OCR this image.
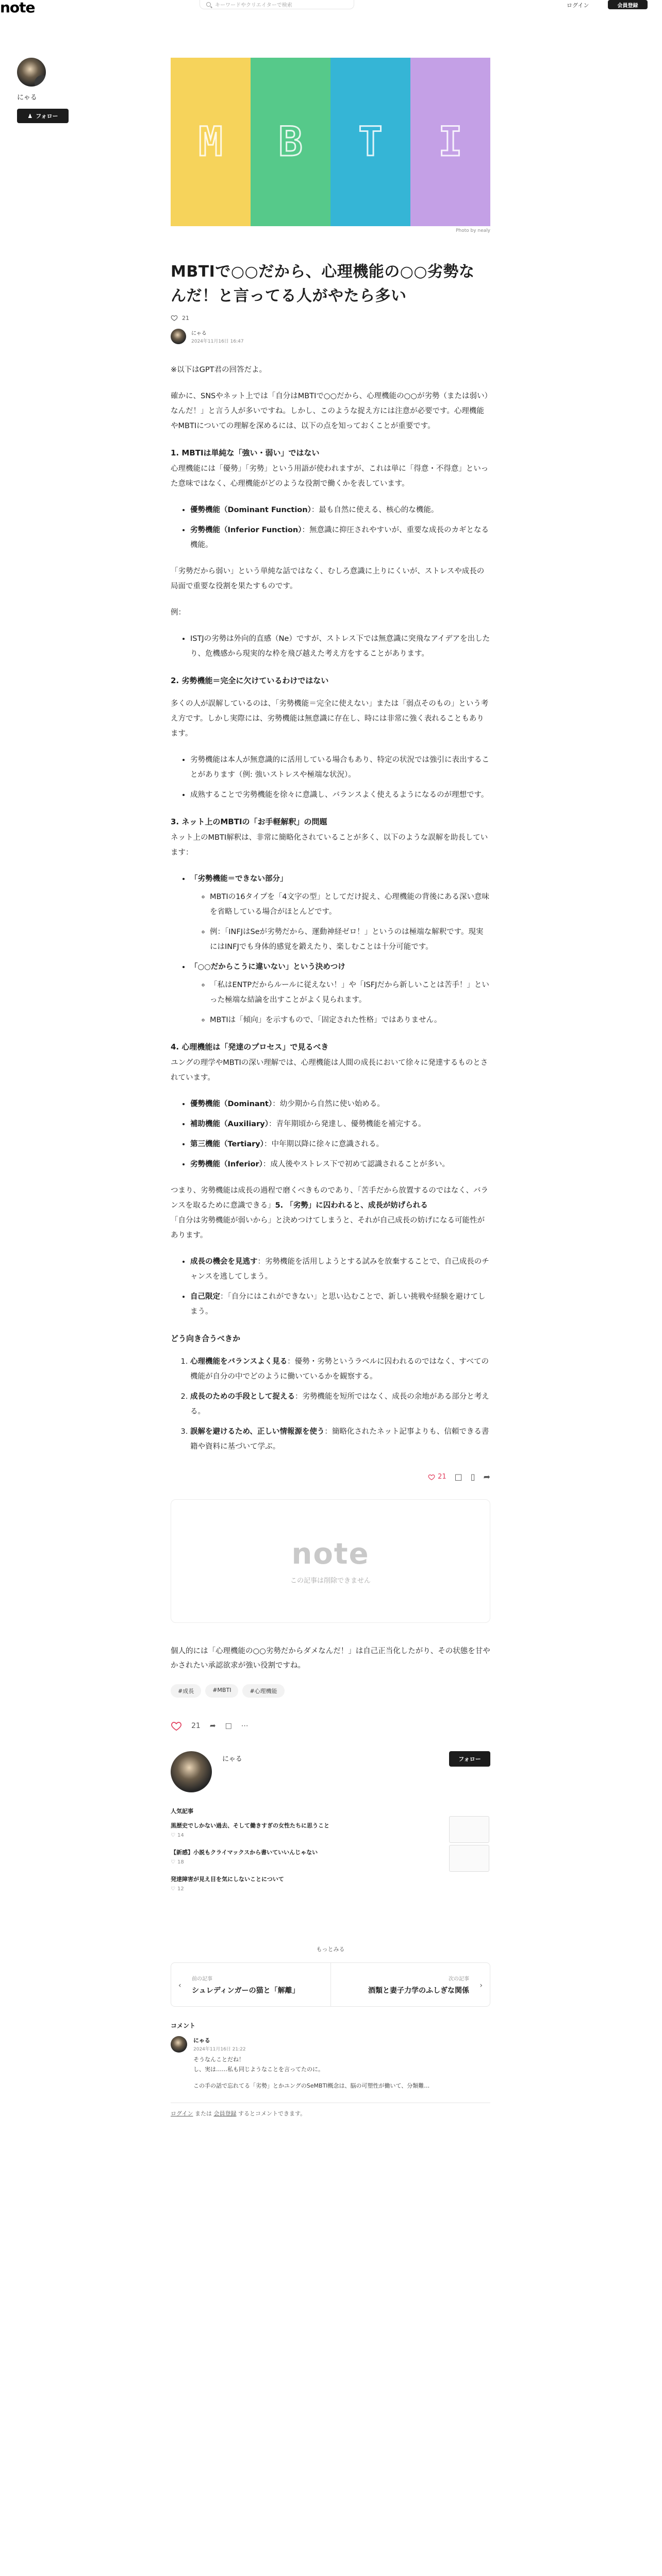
note	キーワードやクリエイターで検索	ログイン	会員登録
にゃる
♟ フォロー
M B T I
Photo by nealy
MBTIで○○だから、心理機能の○○劣勢なんだ！と言ってる人がやたら多い
21
にゃる
2024年11月16日 16:47

※以下はGPT君の回答だよ。

確かに、SNSやネット上では「自分はMBTIで○○だから、心理機能の○○が劣勢（または弱い）なんだ！」と言う人が多いですね。しかし、このような捉え方には注意が必要です。心理機能やMBTIについての理解を深めるには、以下の点を知っておくことが重要です。

1. MBTIは単純な「強い・弱い」ではない

心理機能には「優勢」「劣勢」という用語が使われますが、これは単に「得意・不得意」といった意味ではなく、心理機能がどのような役割で働くかを表しています。

• 優勢機能（Dominant Function）：最も自然に使える、核心的な機能。
• 劣勢機能（Inferior Function）：無意識に抑圧されやすいが、重要な成長のカギとなる機能。

「劣勢だから弱い」という単純な話ではなく、むしろ意識に上りにくいが、ストレスや成長の局面で重要な役割を果たすものです。

例：

• ISTJの劣勢は外向的直感（Ne）ですが、ストレス下では無意識に突飛なアイデアを出したり、危機感から現実的な枠を飛び越えた考え方をすることがあります。
2. 劣勢機能＝完全に欠けているわけではない

多くの人が誤解しているのは、「劣勢機能＝完全に使えない」または「弱点そのもの」という考え方です。しかし実際には、劣勢機能は無意識に存在し、時には非常に強く表れることもあります。

• 劣勢機能は本人が無意識的に活用している場合もあり、特定の状況では強引に表出することがあります（例: 強いストレスや極端な状況）。
• 成熟することで劣勢機能を徐々に意識し、バランスよく使えるようになるのが理想です。
3. ネット上のMBTIの「お手軽解釈」の問題

ネット上のMBTI解釈は、非常に簡略化されていることが多く、以下のような誤解を助長しています：

• 「劣勢機能＝できない部分」
◦ MBTIの16タイプを「4文字の型」としてだけ捉え、心理機能の背後にある深い意味を省略している場合がほとんどです。
◦ 例：「INFJはSeが劣勢だから、運動神経ゼロ！」というのは極端な解釈です。現実にはINFJでも身体的感覚を鍛えたり、楽しむことは十分可能です。
• 「○○だからこうに違いない」という決めつけ
◦ 「私はENTPだからルールに従えない！」や「ISFJだから新しいことは苦手！」といった極端な結論を出すことがよく見られます。
◦ MBTIは「傾向」を示すもので、「固定された性格」ではありません。
4. 心理機能は「発達のプロセス」で見るべき

ユングの理学やMBTIの深い理解では、心理機能は人間の成長において徐々に発達するものとされています。

• 優勢機能（Dominant）：幼少期から自然に使い始める。
• 補助機能（Auxiliary）：青年期頃から発達し、優勢機能を補完する。
• 第三機能（Tertiary）：中年期以降に徐々に意識される。
• 劣勢機能（Inferior）：成人後やストレス下で初めて認識されることが多い。

つまり、劣勢機能は成長の過程で磨くべきものであり、「苦手だから放置するのではなく、バランスを取るために意識できる」5. 「劣勢」に囚われると、成長が妨げられる
「自分は劣勢機能が弱いから」と決めつけてしまうと、それが自己成長の妨げになる可能性があります。

• 成長の機会を見逃す：劣勢機能を活用しようとする試みを放棄することで、自己成長のチャンスを逃してしまう。
• 自己限定：「自分にはこれができない」と思い込むことで、新しい挑戦や経験を避けてしまう。
どう向き合うべきか
1. 心理機能をバランスよく見る：優勢・劣勢というラベルに囚われるのではなく、すべての機能が自分の中でどのように働いているかを観察する。
2. 成長のための手段として捉える：劣勢機能を短所ではなく、成長の余地がある部分と考える。
3. 誤解を避けるため、正しい情報源を使う：簡略化されたネット記事よりも、信頼できる書籍や資料に基づいて学ぶ。
21 □ ▯ ➦
note
この記事は削除できません

個人的には「心理機能の○○劣勢だからダメなんだ！」は自己正当化したがり、その状態を甘やかされたい承認欲求が強い役割ですね。

#成長	#MBTI	#心理機能
21 ➦ □ ⋯
にゃる	フォロー
人気記事
黒歴史でしかない過去、そして働きすぎの女性たちに思うこと
♡ 14
【新感】小説もクライマックスから書いていいんじゃない
♡ 18
発達障害が見え目を気にしないことについて
♡ 12
もっとみる
‹
前の記事
シュレディンガーの猫と「解離」
›
次の記事
酒類と妻子力学のふしぎな関係
コメント
にゃる
2024年11月16日 21:22
そうなんことだね！
し、実は……私も同じようなことを言ってたのに。
この手の話で忘れてる「劣勢」とかユングのSeMBTI概念は、脳の可塑性が働いて、分類難…
ログイン または 会員登録 するとコメントできます。
